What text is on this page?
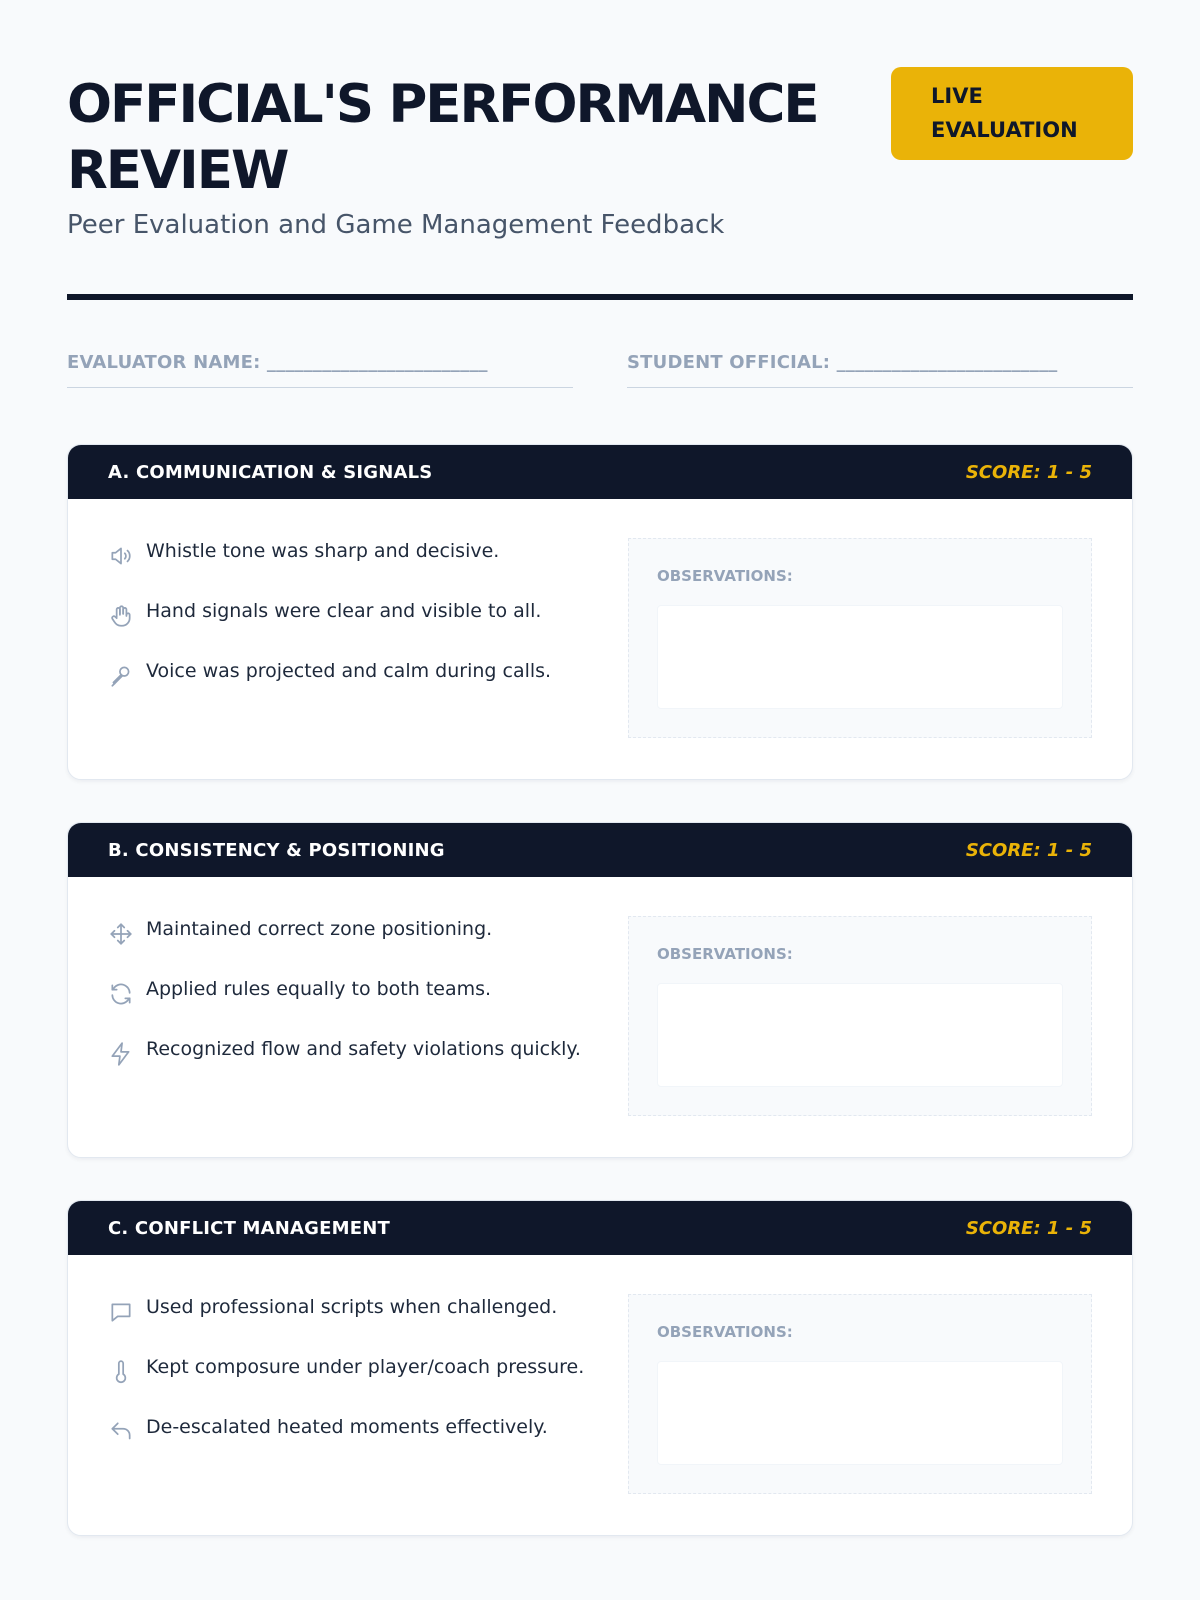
OFFICIAL'S PERFORMANCE REVIEW
LIVE EVALUATION
Peer Evaluation and Game Management Feedback
EVALUATOR NAME: ________________________	STUDENT OFFICIAL: ________________________
A. COMMUNICATION & SIGNALS	SCORE: 1 - 5
Whistle tone was sharp and decisive.
Hand signals were clear and visible to all.
Voice was projected and calm during calls.
OBSERVATIONS:
B. CONSISTENCY & POSITIONING	SCORE: 1 - 5
Maintained correct zone positioning.
Applied rules equally to both teams.
Recognized flow and safety violations quickly.
OBSERVATIONS:
C. CONFLICT MANAGEMENT	SCORE: 1 - 5
Used professional scripts when challenged.
Kept composure under player/coach pressure.
De-escalated heated moments effectively.
OBSERVATIONS:
